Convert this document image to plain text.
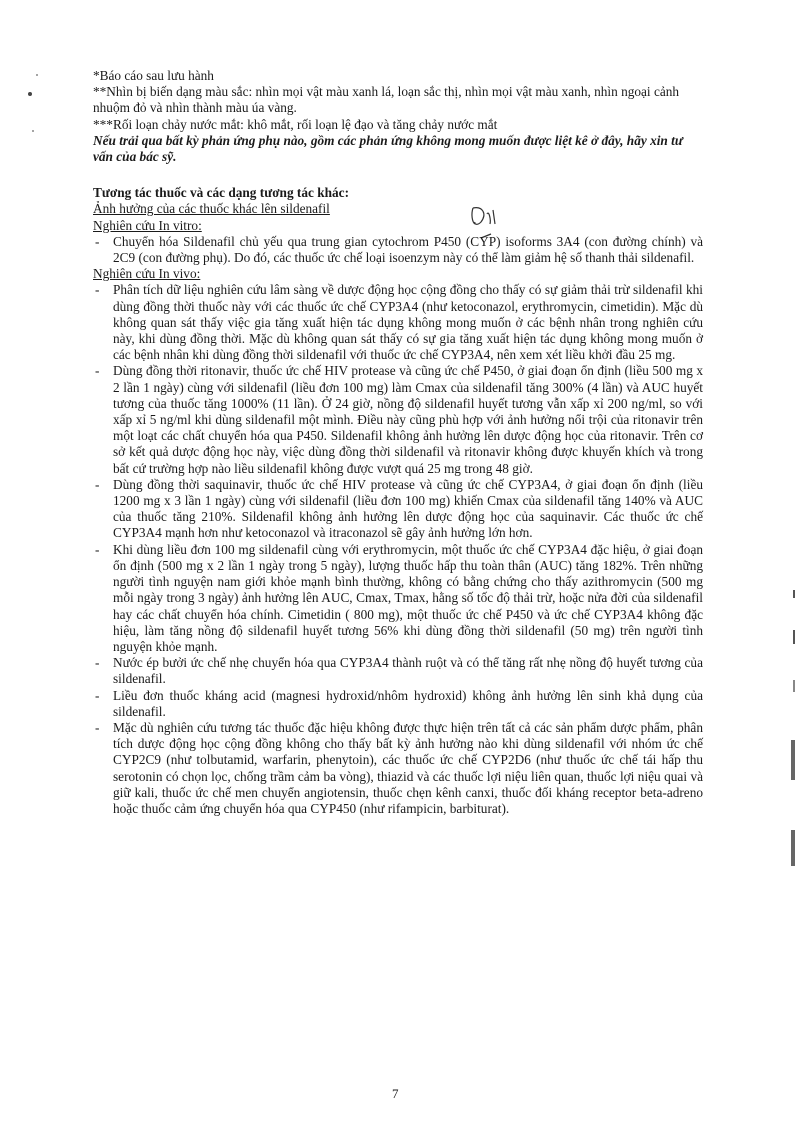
*Báo cáo sau lưu hành
**Nhìn bị biến dạng màu sắc: nhìn mọi vật màu xanh lá, loạn sắc thị, nhìn mọi vật màu xanh, nhìn ngoại cảnh nhuộm đỏ và nhìn thành màu úa vàng.
***Rối loạn chảy nước mắt: khô mắt, rối loạn lệ đạo và tăng chảy nước mắt
Nếu trải qua bất kỳ phản ứng phụ nào, gồm các phản ứng không mong muốn được liệt kê ở đây, hãy xin tư vấn của bác sỹ.
Tương tác thuốc và các dạng tương tác khác:
Ảnh hưởng của các thuốc khác lên sildenafil
Nghiên cứu In vitro:
- Chuyển hóa Sildenafil chủ yếu qua trung gian cytochrom P450 (CYP) isoforms 3A4 (con đường chính) và 2C9 (con đường phụ). Do đó, các thuốc ức chế loại isoenzym này có thể làm giảm hệ số thanh thải sildenafil.
Nghiên cứu In vivo:
- Phân tích dữ liệu nghiên cứu lâm sàng về dược động học cộng đồng cho thấy có sự giảm thải trừ sildenafil khi dùng đồng thời thuốc này với các thuốc ức chế CYP3A4 (như ketoconazol, erythromycin, cimetidin). Mặc dù không quan sát thấy việc gia tăng xuất hiện tác dụng không mong muốn ở các bệnh nhân trong nghiên cứu này, khi dùng đồng thời. Mặc dù không quan sát thấy có sự gia tăng xuất hiện tác dụng không mong muốn ở các bệnh nhân khi dùng đồng thời sildenafil với thuốc ức chế CYP3A4, nên xem xét liều khởi đầu 25 mg.
- Dùng đồng thời ritonavir, thuốc ức chế HIV protease và cũng ức chế P450, ở giai đoạn ổn định (liều 500 mg x 2 lần 1 ngày) cùng với sildenafil (liều đơn 100 mg) làm Cmax của sildenafil tăng 300% (4 lần) và AUC huyết tương của thuốc tăng 1000% (11 lần). Ở 24 giờ, nồng độ sildenafil huyết tương vẫn xấp xỉ 200 ng/ml, so với xấp xỉ 5 ng/ml khi dùng sildenafil một mình. Điều này cũng phù hợp với ảnh hưởng nổi trội của ritonavir trên một loạt các chất chuyển hóa qua P450. Sildenafil không ảnh hưởng lên dược động học của ritonavir. Trên cơ sở kết quả dược động học này, việc dùng đồng thời sildenafil và ritonavir không được khuyến khích và trong bất cứ trường hợp nào liều sildenafil không được vượt quá 25 mg trong 48 giờ.
- Dùng đồng thời saquinavir, thuốc ức chế HIV protease và cũng ức chế CYP3A4, ở giai đoạn ổn định (liều 1200 mg x 3 lần 1 ngày) cùng với sildenafil (liều đơn 100 mg) khiến Cmax của sildenafil tăng 140% và AUC của thuốc tăng 210%. Sildenafil không ảnh hưởng lên dược động học của saquinavir. Các thuốc ức chế CYP3A4 mạnh hơn như ketoconazol và itraconazol sẽ gây ảnh hưởng lớn hơn.
- Khi dùng liều đơn 100 mg sildenafil cùng với erythromycin, một thuốc ức chế CYP3A4 đặc hiệu, ở giai đoạn ổn định (500 mg x 2 lần 1 ngày trong 5 ngày), lượng thuốc hấp thu toàn thân (AUC) tăng 182%. Trên những người tình nguyện nam giới khỏe mạnh bình thường, không có bằng chứng cho thấy azithromycin (500 mg mỗi ngày trong 3 ngày) ảnh hưởng lên AUC, Cmax, Tmax, hằng số tốc độ thải trừ, hoặc nửa đời của sildenafil hay các chất chuyển hóa chính. Cimetidin ( 800 mg), một thuốc ức chế P450 và ức chế CYP3A4 không đặc hiệu, làm tăng nồng độ sildenafil huyết tương 56% khi dùng đồng thời sildenafil (50 mg) trên người tình nguyện khỏe mạnh.
- Nước ép bưởi ức chế nhẹ chuyển hóa qua CYP3A4 thành ruột và có thể tăng rất nhẹ nồng độ huyết tương của sildenafil.
- Liều đơn thuốc kháng acid (magnesi hydroxid/nhôm hydroxid) không ảnh hưởng lên sinh khả dụng của sildenafil.
- Mặc dù nghiên cứu tương tác thuốc đặc hiệu không được thực hiện trên tất cả các sản phẩm dược phẩm, phân tích dược động học cộng đồng không cho thấy bất kỳ ảnh hưởng nào khi dùng sildenafil với nhóm ức chế CYP2C9 (như tolbutamid, warfarin, phenytoin), các thuốc ức chế CYP2D6 (như thuốc ức chế tái hấp thu serotonin có chọn lọc, chống trầm cảm ba vòng), thiazid và các thuốc lợi niệu liên quan, thuốc lợi niệu quai và giữ kali, thuốc ức chế men chuyển angiotensin, thuốc chẹn kênh canxi, thuốc đối kháng receptor beta-adreno hoặc thuốc cảm ứng chuyển hóa qua CYP450 (như rifampicin, barbiturat).
7
